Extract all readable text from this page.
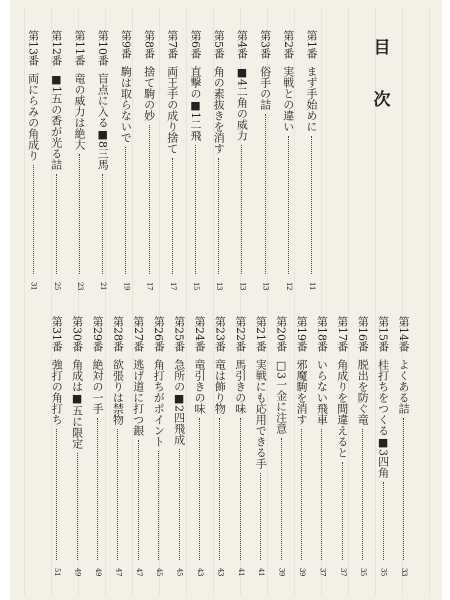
目
次
第1番
まず手始めに
11
第2番
実戦との違い
12
第3番
俗手の詰
13
第4番
■4二角の威力
13
第5番
角の素抜きを消す
13
第6番
直撃の■1二飛
15
第7番
両王手の成り捨て
17
第8番
捨て駒の妙
17
第9番
駒は取らないで
19
第10番
盲点に入る■8三馬
21
第11番
竜の威力は絶大
23
第12番
■1五の香が光る詰
25
第13番
両にらみの角成り
31
第14番
よくある詰
33
第15番
桂打ちをつくる■3四角
35
第16番
脱出を防ぐ竜
35
第17番
角成りを間違えると
37
第18番
いらない飛車
37
第19番
邪魔駒を消す
39
第20番
□3一金に注意
39
第21番
実戦にも応用できる手
41
第22番
馬引きの味
41
第23番
竜は飾り物
43
第24番
竜引きの味
43
第25番
急所の■2四飛成
45
第26番
角打ちがポイント
45
第27番
逃げ道に打つ銀
47
第28番
欲張りは禁物
47
第29番
絶対の一手
49
第30番
角成は■五に限定
49
第31番
強打の角打ち
51
